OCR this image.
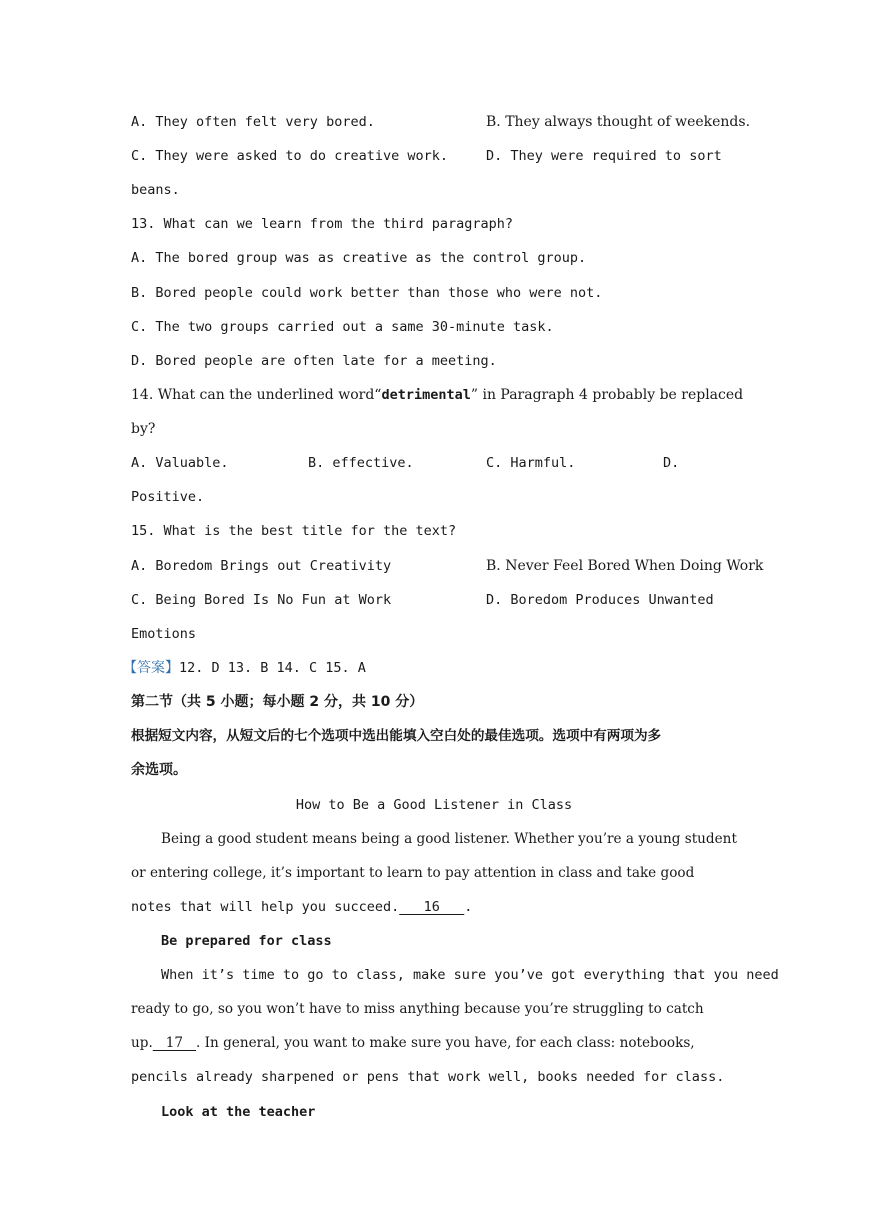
A. They often felt very bored.	B. They always thought of weekends.
C. They were asked to do creative work.	D. They were required to sort
beans.
13. What can we learn from the third paragraph?
A. The bored group was as creative as the control group.
B. Bored people could work better than those who were not.
C. The two groups carried out a same 30-minute task.
D. Bored people are often late for a meeting.
14. What can the underlined word“detrimental” in Paragraph 4 probably be replaced
by?
A. Valuable.	B. effective.	C. Harmful.	D.
Positive.
15. What is the best title for the text?
A. Boredom Brings out Creativity	B. Never Feel Bored When Doing Work
C. Being Bored Is No Fun at Work	D. Boredom Produces Unwanted
Emotions
【答案】12. D 13. B 14. C 15. A
第二节（共 5 小题；每小题 2 分，共 10 分）
根据短文内容，从短文后的七个选项中选出能填入空白处的最佳选项。选项中有两项为多
余选项。
How to Be a Good Listener in Class
Being a good student means being a good listener. Whether you’re a young student
or entering college, it’s important to learn to pay attention in class and take good
notes that will help you succeed.   16   .
Be prepared for class
When it’s time to go to class, make sure you’ve got everything that you need
ready to go, so you won’t have to miss anything because you’re struggling to catch
up.   17   . In general, you want to make sure you have, for each class: notebooks,
pencils already sharpened or pens that work well, books needed for class.
Look at the teacher
